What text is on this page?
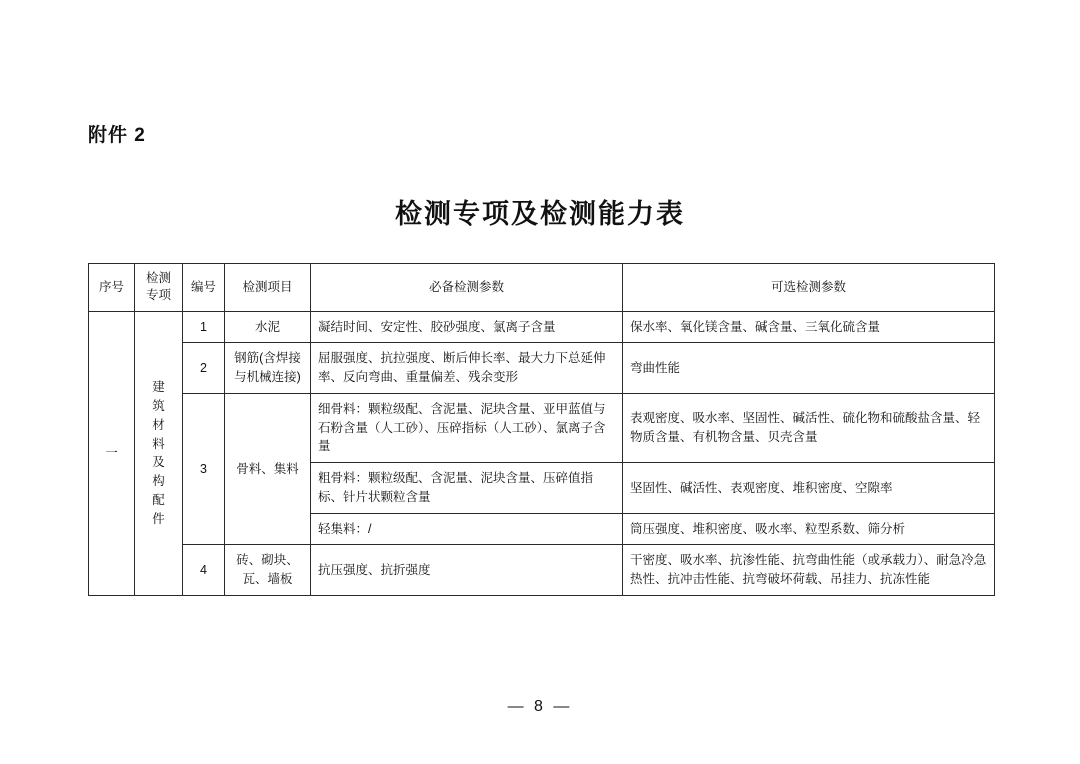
附件 2
检测专项及检测能力表
序号	检测专项	编号	检测项目	必备检测参数	可选检测参数
一	建筑材料及构配件	1	水泥	凝结时间、安定性、胶砂强度、氯离子含量	保水率、氧化镁含量、碱含量、三氧化硫含量
		2	钢筋(含焊接与机械连接)	屈服强度、抗拉强度、断后伸长率、最大力下总延伸率、反向弯曲、重量偏差、残余变形	弯曲性能
		3	骨料、集料	细骨料：颗粒级配、含泥量、泥块含量、亚甲蓝值与石粉含量（人工砂）、压碎指标（人工砂）、氯离子含量	表观密度、吸水率、坚固性、碱活性、硫化物和硫酸盐含量、轻物质含量、有机物含量、贝壳含量
				粗骨料：颗粒级配、含泥量、泥块含量、压碎值指标、针片状颗粒含量	坚固性、碱活性、表观密度、堆积密度、空隙率
				轻集料：/	筒压强度、堆积密度、吸水率、粒型系数、筛分析
		4	砖、砌块、瓦、墙板	抗压强度、抗折强度	干密度、吸水率、抗渗性能、抗弯曲性能（或承载力）、耐急冷急热性、抗冲击性能、抗弯破坏荷载、吊挂力、抗冻性能
— 8 —
